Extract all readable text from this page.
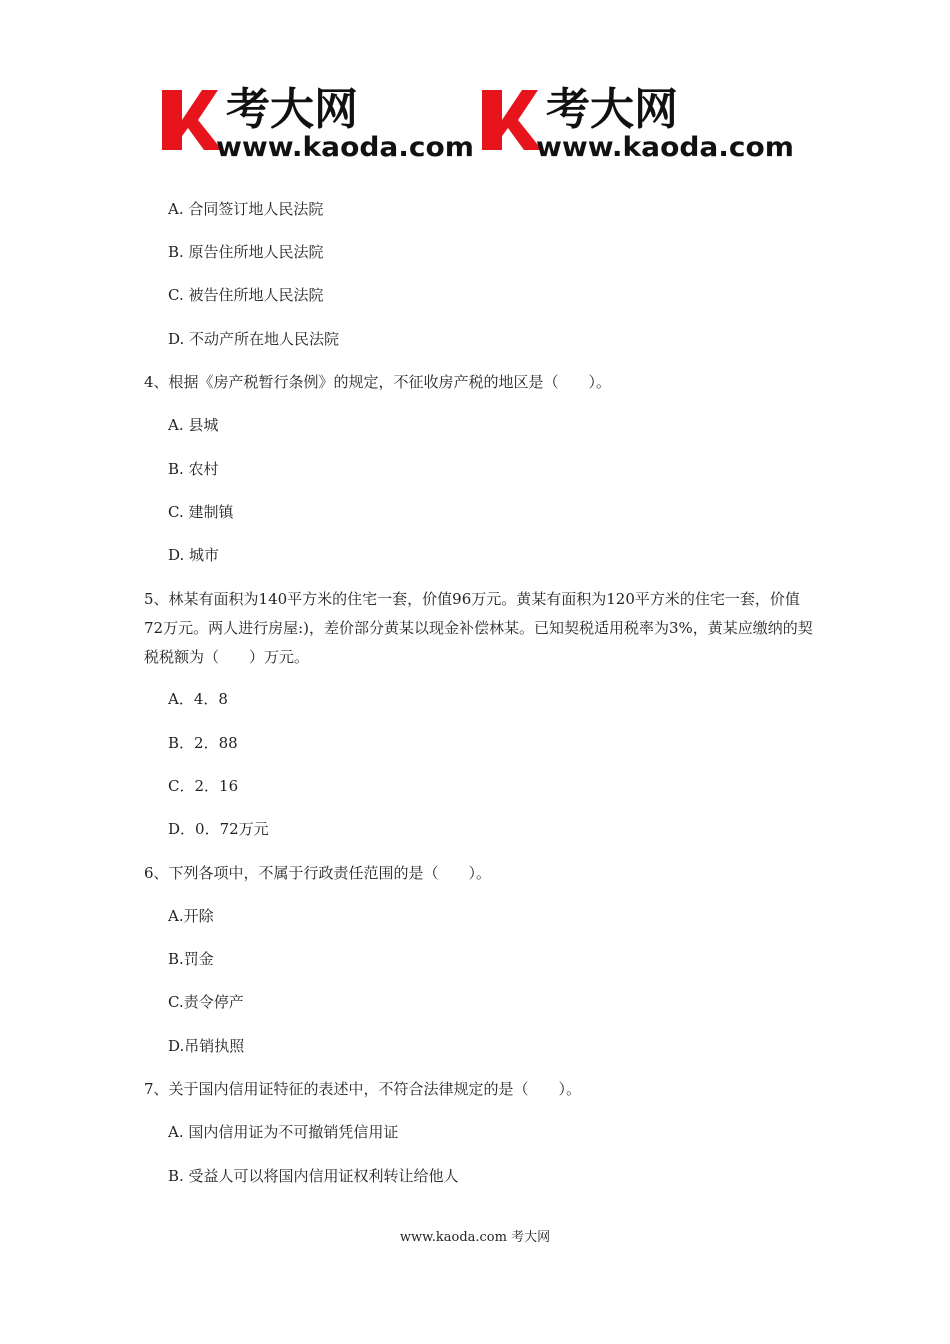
考大网
www.kaoda.com
考大网
www.kaoda.com
A. 合同签订地人民法院
B. 原告住所地人民法院
C. 被告住所地人民法院
D. 不动产所在地人民法院
4、根据《房产税暂行条例》的规定，不征收房产税的地区是（　　）。
A. 县城
B. 农村
C. 建制镇
D. 城市
5、林某有面积为140平方米的住宅一套，价值96万元。黄某有面积为120平方米的住宅一套，价值72万元。两人进行房屋:)，差价部分黄某以现金补偿林某。已知契税适用税率为3%，黄某应缴纳的契税税额为（　　）万元。
A．4．8
B．2．88
C．2．16
D．0．72万元
6、下列各项中，不属于行政责任范围的是（　　）。
A.开除
B.罚金
C.责令停产
D.吊销执照
7、关于国内信用证特征的表述中，不符合法律规定的是（　　）。
A. 国内信用证为不可撤销凭信用证
B. 受益人可以将国内信用证权利转让给他人
www.kaoda.com 考大网
